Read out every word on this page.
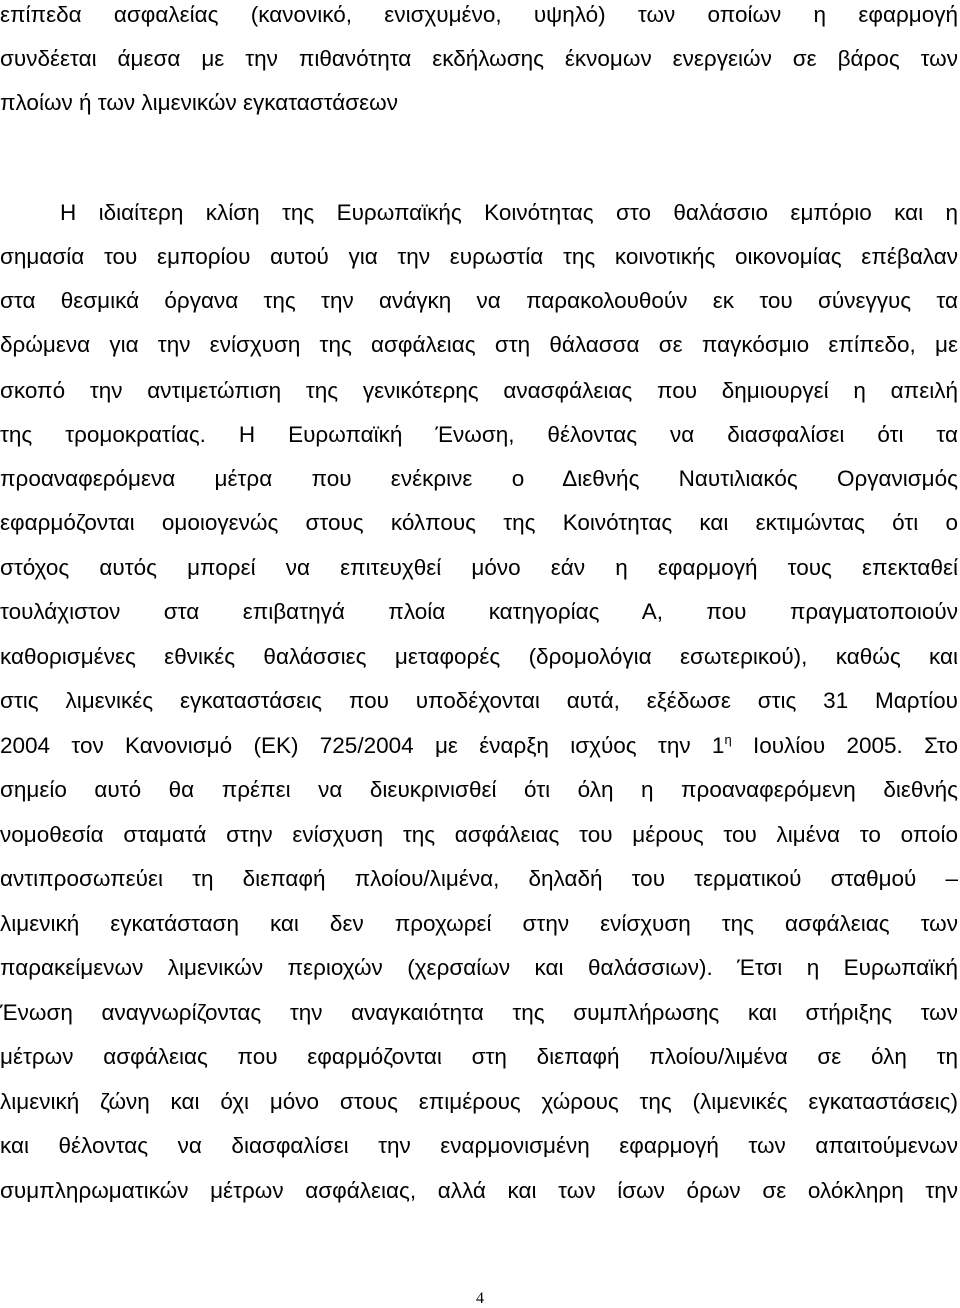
επίπεδα ασφαλείας (κανονικό, ενισχυμένο, υψηλό) των οποίων η εφαρμογή
συνδέεται άμεσα με την πιθανότητα εκδήλωσης έκνομων ενεργειών σε βάρος των
πλοίων ή των λιμενικών εγκαταστάσεων
Η ιδιαίτερη κλίση της Ευρωπαϊκής Κοινότητας στο θαλάσσιο εμπόριο και η
σημασία του εμπορίου αυτού για την ευρωστία της κοινοτικής οικονομίας επέβαλαν
στα θεσμικά όργανα της την ανάγκη να παρακολουθούν εκ του σύνεγγυς τα
δρώμενα για την ενίσχυση της ασφάλειας στη θάλασσα σε παγκόσμιο επίπεδο, με
σκοπό την αντιμετώπιση της γενικότερης ανασφάλειας που δημιουργεί η απειλή
της τρομοκρατίας. Η Ευρωπαϊκή Ένωση, θέλοντας να διασφαλίσει ότι τα
προαναφερόμενα μέτρα που ενέκρινε ο Διεθνής Ναυτιλιακός Οργανισμός
εφαρμόζονται ομοιογενώς στους κόλπους της Κοινότητας και εκτιμώντας ότι ο
στόχος αυτός μπορεί να επιτευχθεί μόνο εάν η εφαρμογή τους επεκταθεί
τουλάχιστον στα επιβατηγά πλοία κατηγορίας Α, που πραγματοποιούν
καθορισμένες εθνικές θαλάσσιες μεταφορές (δρομολόγια εσωτερικού), καθώς και
στις λιμενικές εγκαταστάσεις που υποδέχονται αυτά, εξέδωσε στις 31 Μαρτίου
2004 τον Κανονισμό (ΕΚ) 725/2004 με έναρξη ισχύος την $1^\eta$ Ιουλίου 2005. Στο
σημείο αυτό θα πρέπει να διευκρινισθεί ότι όλη η προαναφερόμενη διεθνής
νομοθεσία σταματά στην ενίσχυση της ασφάλειας του μέρους του λιμένα το οποίο
αντιπροσωπεύει τη διεπαφή πλοίου/λιμένα, δηλαδή του τερματικού σταθμού –
λιμενική εγκατάσταση και δεν προχωρεί στην ενίσχυση της ασφάλειας των
παρακείμενων λιμενικών περιοχών (χερσαίων και θαλάσσιων). Έτσι η Ευρωπαϊκή
Ένωση αναγνωρίζοντας την αναγκαιότητα της συμπλήρωσης και στήριξης των
μέτρων ασφάλειας που εφαρμόζονται στη διεπαφή πλοίου/λιμένα σε όλη τη
λιμενική ζώνη και όχι μόνο στους επιμέρους χώρους της (λιμενικές εγκαταστάσεις)
και θέλοντας να διασφαλίσει την εναρμονισμένη εφαρμογή των απαιτούμενων
συμπληρωματικών μέτρων ασφάλειας, αλλά και των ίσων όρων σε ολόκληρη την
4
